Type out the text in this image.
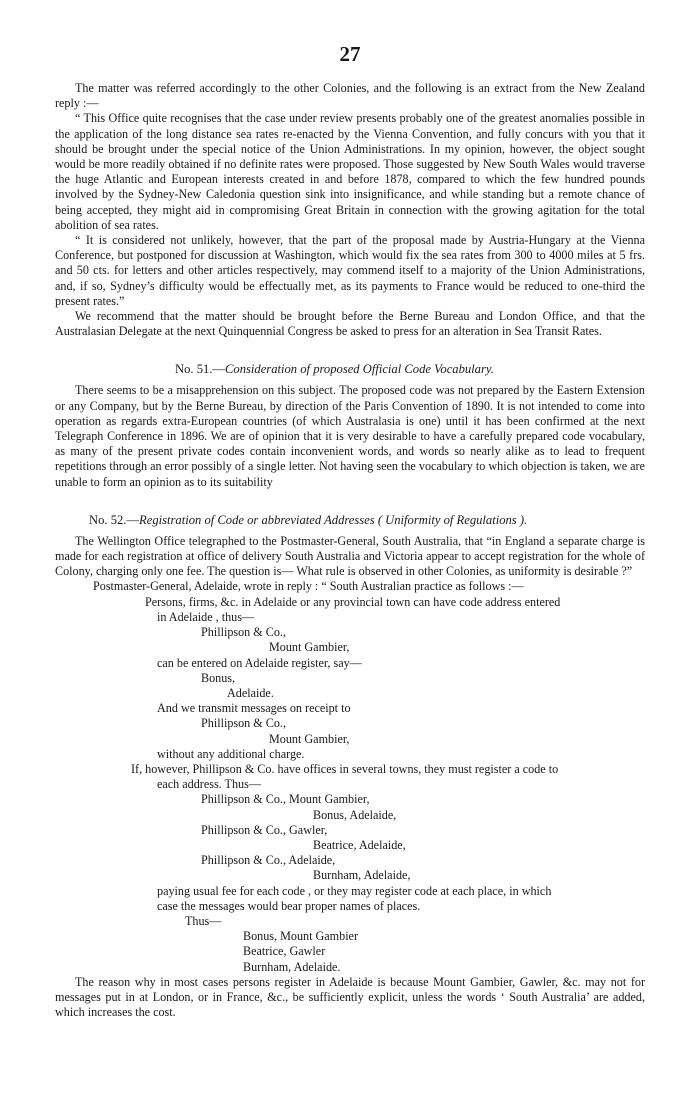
27

The matter was referred accordingly to the other Colonies, and the following is an extract from the New Zealand reply :—

“ This Office quite recognises that the case under review presents probably one of the greatest anomalies possible in the application of the long distance sea rates re-enacted by the Vienna Convention, and fully concurs with you that it should be brought under the special notice of the Union Administrations. In my opinion, however, the object sought would be more readily obtained if no definite rates were proposed. Those suggested by New South Wales would traverse the huge Atlantic and European interests created in and before 1878, compared to which the few hundred pounds involved by the Sydney-New Caledonia question sink into insignificance, and while standing but a remote chance of being accepted, they might aid in compromising Great Britain in connection with the growing agitation for the total abolition of sea rates.

“ It is considered not unlikely, however, that the part of the proposal made by Austria-Hungary at the Vienna Conference, but postponed for discussion at Washington, which would fix the sea rates from 300 to 4000 miles at 5 frs. and 50 cts. for letters and other articles respectively, may commend itself to a majority of the Union Administrations, and, if so, Sydney’s difficulty would be effectually met, as its payments to France would be reduced to one-third the present rates.”

We recommend that the matter should be brought before the Berne Bureau and London Office, and that the Australasian Delegate at the next Quinquennial Congress be asked to press for an alteration in Sea Transit Rates.

No. 51.—Consideration of proposed Official Code Vocabulary.

There seems to be a misapprehension on this subject. The proposed code was not prepared by the Eastern Extension or any Company, but by the Berne Bureau, by direction of the Paris Convention of 1890. It is not intended to come into operation as regards extra-European countries (of which Australasia is one) until it has been confirmed at the next Telegraph Conference in 1896. We are of opinion that it is very desirable to have a carefully prepared code vocabulary, as many of the present private codes contain inconvenient words, and words so nearly alike as to lead to frequent repetitions through an error possibly of a single letter. Not having seen the vocabulary to which objection is taken, we are unable to form an opinion as to its suitability

No. 52.—Registration of Code or abbreviated Addresses ( Uniformity of Regulations ).

The Wellington Office telegraphed to the Postmaster-General, South Australia, that “in England a separate charge is made for each registration at office of delivery South Australia and Victoria appear to accept registration for the whole of Colony, charging only one fee. The question is— What rule is observed in other Colonies, as uniformity is desirable ?”

Postmaster-General, Adelaide, wrote in reply : “ South Australian practice as follows :—

Persons, firms, &c. in Adelaide or any provincial town can have code address entered

in Adelaide , thus—

Phillipson & Co.,

Mount Gambier,

can be entered on Adelaide register, say—

Bonus,

Adelaide.

And we transmit messages on receipt to

Phillipson & Co.,

Mount Gambier,

without any additional charge.

If, however, Phillipson & Co. have offices in several towns, they must register a code to

each address. Thus—

Phillipson & Co., Mount Gambier,

Bonus, Adelaide,

Phillipson & Co., Gawler,

Beatrice, Adelaide,

Phillipson & Co., Adelaide,

Burnham, Adelaide,

paying usual fee for each code , or they may register code at each place, in which

case the messages would bear proper names of places.

Thus—

Bonus, Mount Gambier

Beatrice, Gawler

Burnham, Adelaide.

The reason why in most cases persons register in Adelaide is because Mount Gambier, Gawler, &c. may not for messages put in at London, or in France, &c., be sufficiently explicit, unless the words ‘ South Australia’ are added, which increases the cost.
